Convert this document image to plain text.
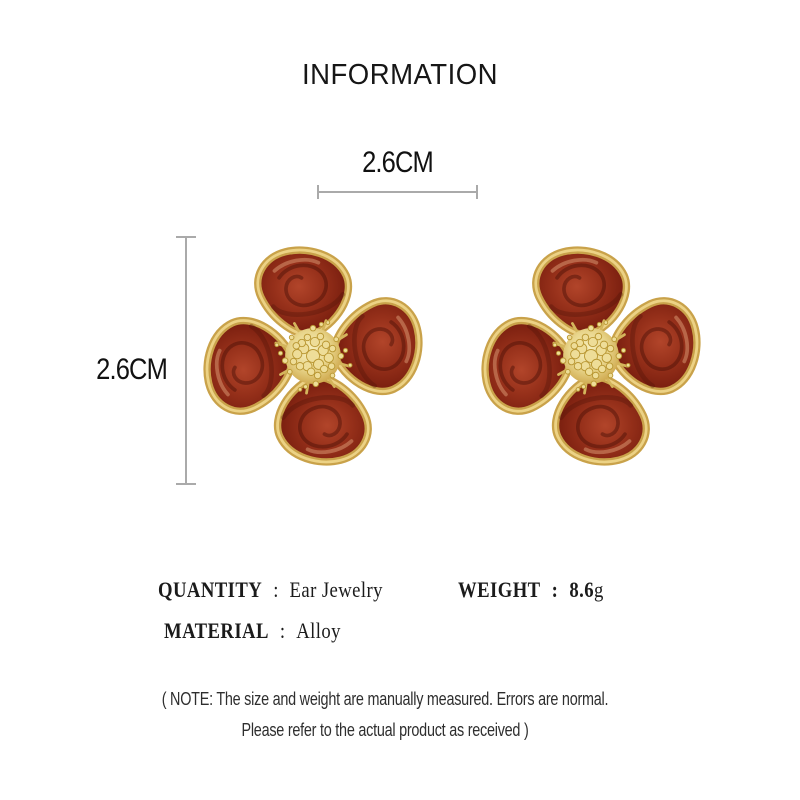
INFORMATION
2.6CM
2.6CM
QUANTITY : Ear Jewelry	WEIGHT : 8.6g
MATERIAL : Alloy
( NOTE: The size and weight are manually measured. Errors are normal.
Please refer to the actual product as received )
